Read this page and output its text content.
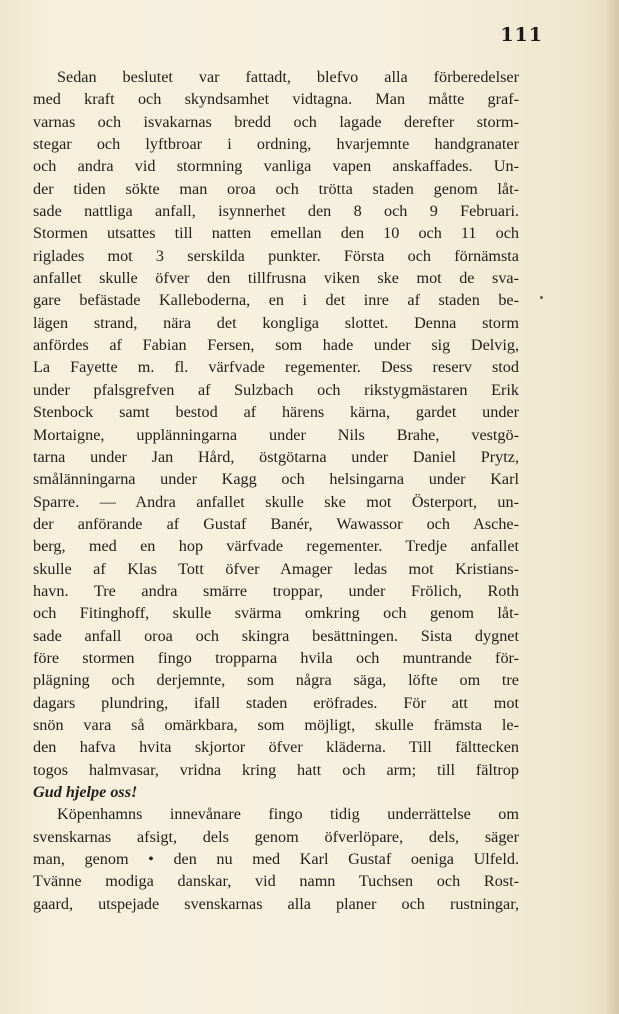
111
Sedan beslutet var fattadt, blefvo alla förberedelser
med kraft och skyndsamhet vidtagna. Man måtte graf-
varnas och isvakarnas bredd och lagade derefter storm-
stegar och lyftbroar i ordning, hvarjemnte handgranater
och andra vid stormning vanliga vapen anskaffades. Un-
der tiden sökte man oroa och trötta staden genom låt-
sade nattliga anfall, isynnerhet den 8 och 9 Februari.
Stormen utsattes till natten emellan den 10 och 11 och
riglades mot 3 serskilda punkter. Första och förnämsta
anfallet skulle öfver den tillfrusna viken ske mot de sva-
gare befästade Kalleboderna, en i det inre af staden be-
lägen strand, nära det kongliga slottet. Denna storm
anfördes af Fabian Fersen, som hade under sig Delvig,
La Fayette m. fl. värfvade regementer. Dess reserv stod
under pfalsgrefven af Sulzbach och rikstygmästaren Erik
Stenbock samt bestod af härens kärna, gardet under
Mortaigne, upplänningarna under Nils Brahe, vestgö-
tarna under Jan Hård, östgötarna under Daniel Prytz,
smålänningarna under Kagg och helsingarna under Karl
Sparre. — Andra anfallet skulle ske mot Österport, un-
der anförande af Gustaf Banér, Wawassor och Asche-
berg, med en hop värfvade regementer. Tredje anfallet
skulle af Klas Tott öfver Amager ledas mot Kristians-
havn. Tre andra smärre troppar, under Frölich, Roth
och Fitinghoff, skulle svärma omkring och genom låt-
sade anfall oroa och skingra besättningen. Sista dygnet
före stormen fingo tropparna hvila och muntrande för-
plägning och derjemnte, som några säga, löfte om tre
dagars plundring, ifall staden eröfrades. För att mot
snön vara så omärkbara, som möjligt, skulle främsta le-
den hafva hvita skjortor öfver kläderna. Till fälttecken
togos halmvasar, vridna kring hatt och arm; till fältrop
Gud hjelpe oss!
Köpenhamns innevånare fingo tidig underrättelse om
svenskarnas afsigt, dels genom öfverlöpare, dels, säger
man, genom • den nu med Karl Gustaf oeniga Ulfeld.
Tvänne modiga danskar, vid namn Tuchsen och Rost-
gaard, utspejade svenskarnas alla planer och rustningar,
